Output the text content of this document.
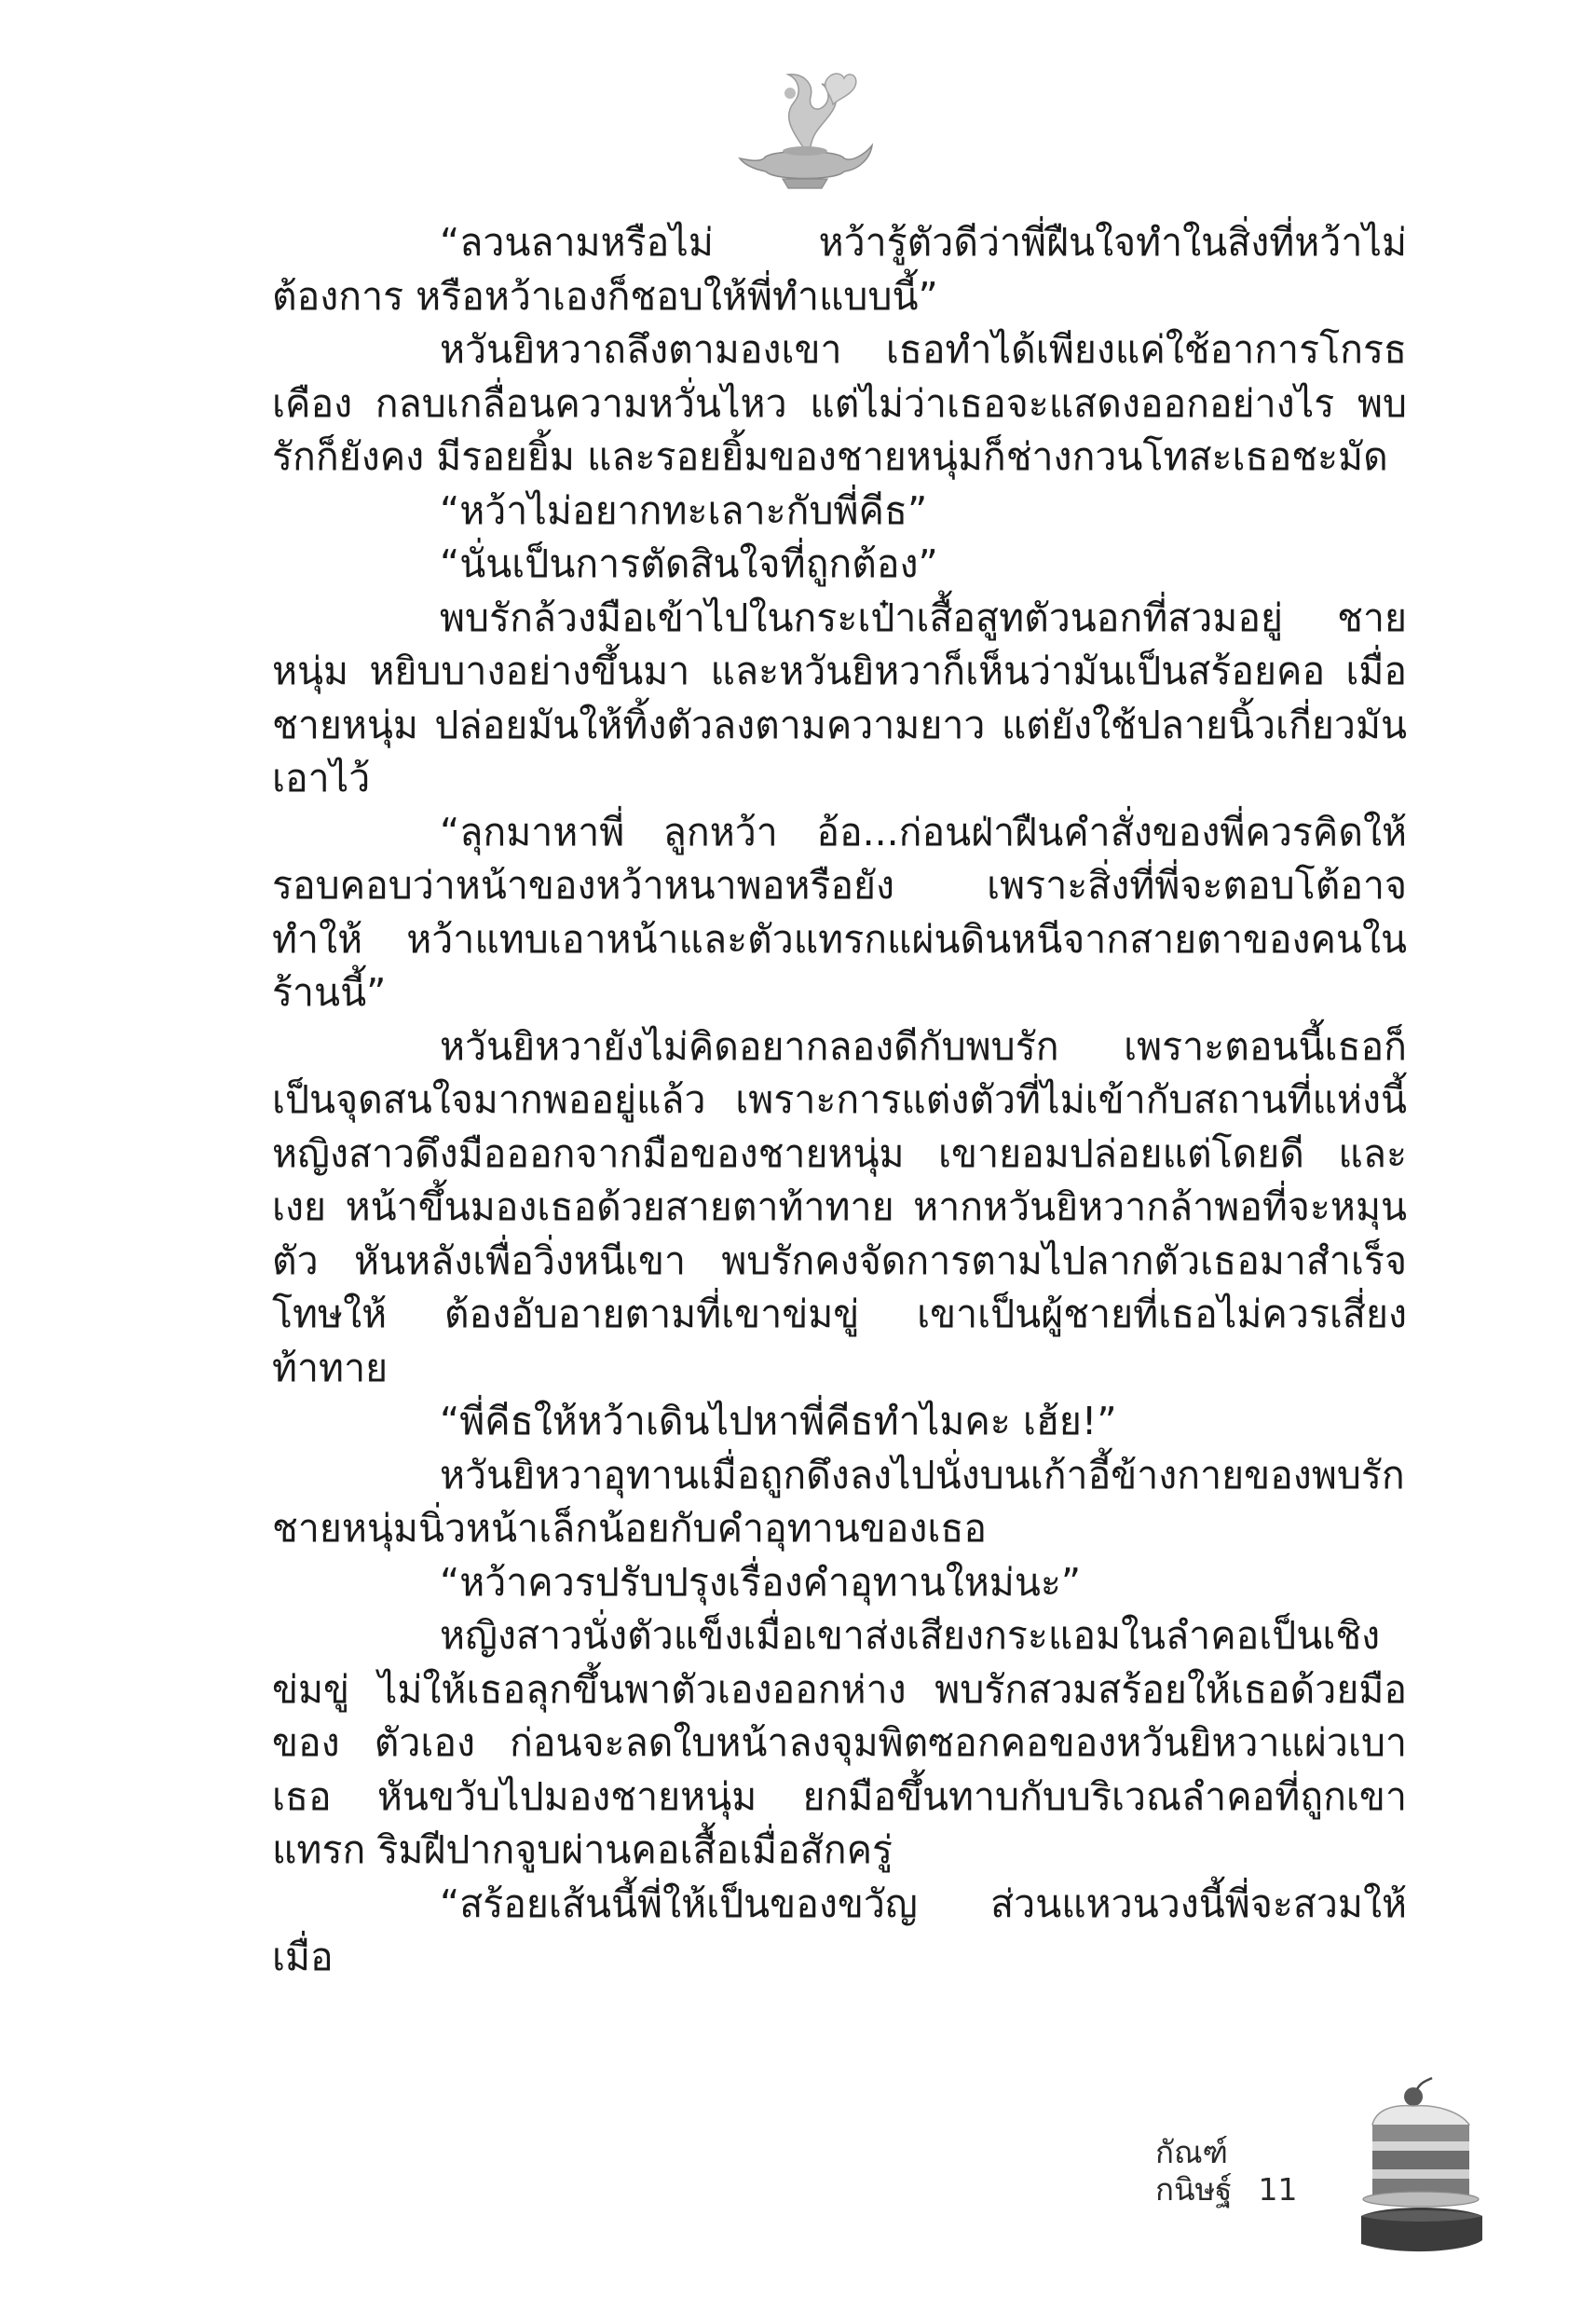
“ลวนลามหรือไม่ หว้ารู้ตัวดีว่าพี่ฝืนใจทำในสิ่งที่หว้าไม่ต้องการ หรือหว้าเองก็ชอบให้พี่ทำแบบนี้”

หวันยิหวาถลึงตามองเขา เธอทำได้เพียงแค่ใช้อาการโกรธเคือง กลบเกลื่อนความหวั่นไหว แต่ไม่ว่าเธอจะแสดงออกอย่างไร พบรักก็ยังคง มีรอยยิ้ม และรอยยิ้มของชายหนุ่มก็ช่างกวนโทสะเธอชะมัด

“หว้าไม่อยากทะเลาะกับพี่คีธ”

“นั่นเป็นการตัดสินใจที่ถูกต้อง”

พบรักล้วงมือเข้าไปในกระเป๋าเสื้อสูทตัวนอกที่สวมอยู่ ชายหนุ่ม หยิบบางอย่างขึ้นมา และหวันยิหวาก็เห็นว่ามันเป็นสร้อยคอ เมื่อชายหนุ่ม ปล่อยมันให้ทิ้งตัวลงตามความยาว แต่ยังใช้ปลายนิ้วเกี่ยวมันเอาไว้

“ลุกมาหาพี่ ลูกหว้า อ้อ...ก่อนฝ่าฝืนคำสั่งของพี่ควรคิดให้ รอบคอบว่าหน้าของหว้าหนาพอหรือยัง เพราะสิ่งที่พี่จะตอบโต้อาจทำให้ หว้าแทบเอาหน้าและตัวแทรกแผ่นดินหนีจากสายตาของคนในร้านนี้”

หวันยิหวายังไม่คิดอยากลองดีกับพบรัก เพราะตอนนี้เธอก็ เป็นจุดสนใจมากพออยู่แล้ว เพราะการแต่งตัวที่ไม่เข้ากับสถานที่แห่งนี้ หญิงสาวดึงมือออกจากมือของชายหนุ่ม เขายอมปล่อยแต่โดยดี และเงย หน้าขึ้นมองเธอด้วยสายตาท้าทาย หากหวันยิหวากล้าพอที่จะหมุนตัว หันหลังเพื่อวิ่งหนีเขา พบรักคงจัดการตามไปลากตัวเธอมาสำเร็จโทษให้ ต้องอับอายตามที่เขาข่มขู่ เขาเป็นผู้ชายที่เธอไม่ควรเสี่ยงท้าทาย

“พี่คีธให้หว้าเดินไปหาพี่คีธทำไมคะ เฮ้ย!”

หวันยิหวาอุทานเมื่อถูกดึงลงไปนั่งบนเก้าอี้ข้างกายของพบรัก ชายหนุ่มนิ่วหน้าเล็กน้อยกับคำอุทานของเธอ

“หว้าควรปรับปรุงเรื่องคำอุทานใหม่นะ”

หญิงสาวนั่งตัวแข็งเมื่อเขาส่งเสียงกระแอมในลำคอเป็นเชิงข่มขู่ ไม่ให้เธอลุกขึ้นพาตัวเองออกห่าง พบรักสวมสร้อยให้เธอด้วยมือของ ตัวเอง ก่อนจะลดใบหน้าลงจุมพิตซอกคอของหวันยิหวาแผ่วเบา เธอ หันขวับไปมองชายหนุ่ม ยกมือขึ้นทาบกับบริเวณลำคอที่ถูกเขาแทรก ริมฝีปากจูบผ่านคอเสื้อเมื่อสักครู่

“สร้อยเส้นนี้พี่ให้เป็นของขวัญ ส่วนแหวนวงนี้พี่จะสวมให้เมื่อ

กัณฑ์กนิษฐ์ 11
